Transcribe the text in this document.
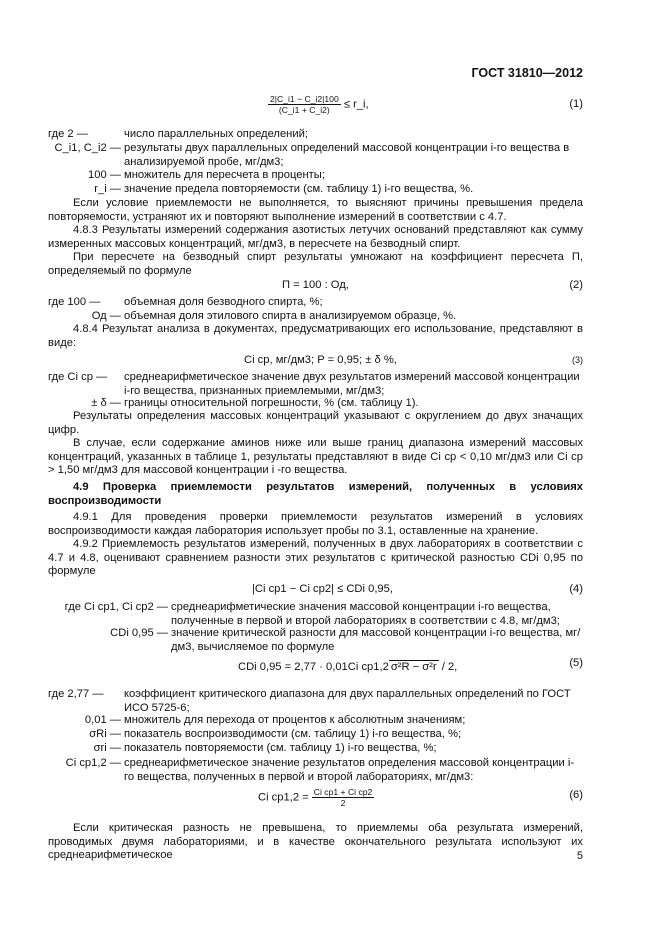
ГОСТ 31810—2012
$\frac{2|C\_i1 - C\_i2|100}{(C\_i1 + C\_i2)}$ ≤ r_i,	(1)
где 2 —	число параллельных определений;
C_i1, C_i2 — результаты двух параллельных определений массовой концентрации i-го вещества в анализируемой пробе, мг/дм3;
100 — множитель для пересчета в проценты;
r_i — значение предела повторяемости (см. таблицу 1) i-го вещества, %.
Если условие приемлемости не выполняется, то выясняют причины превышения предела повторяемости, устраняют их и повторяют выполнение измерений в соответствии с 4.7.
4.8.3 Результаты измерений содержания азотистых летучих оснований представляют как сумму измеренных массовых концентраций, мг/дм3, в пересчете на безводный спирт.
При пересчете на безводный спирт результаты умножают на коэффициент пересчета П, определяемый по формуле
П = 100 : Од,	(2)
где 100 —	объемная доля безводного спирта, %;
Од — объемная доля этилового спирта в анализируемом образце, %.
4.8.4 Результат анализа в документах, предусматривающих его использование, представляют в виде:
Ci ср, мг/дм3; P = 0,95; ± δ %,	(3)
где Ci ср —	среднеарифметическое значение двух результатов измерений массовой концентрации i-го вещества, признанных приемлемыми, мг/дм3;
± δ — границы относительной погрешности, % (см. таблицу 1).
Результаты определения массовых концентраций указывают с округлением до двух значащих цифр.
В случае, если содержание аминов ниже или выше границ диапазона измерений массовых концентраций, указанных в таблице 1, результаты представляют в виде Ci ср < 0,10 мг/дм3 или Ci ср > 1,50 мг/дм3 для массовой концентрации i -го вещества.
4.9 Проверка приемлемости результатов измерений, полученных в условиях воспроизводимости
4.9.1 Для проведения проверки приемлемости результатов измерений в условиях воспроизводимости каждая лаборатория использует пробы по 3.1, оставленные на хранение.
4.9.2 Приемлемость результатов измерений, полученных в двух лабораториях в соответствии с 4.7 и 4.8, оценивают сравнением разности этих результатов с критической разностью CDi 0,95 по формуле
|Ci ср1 − Ci ср2| ≤ CDi 0,95,	(4)
где Ci ср1, Ci ср2 — среднеарифметические значения массовой концентрации i-го вещества, полученные в первой и второй лабораториях в соответствии с 4.8, мг/дм3;
CDi 0,95 — значение критической разности для массовой концентрации i-го вещества, мг/дм3, вычисляемое по формуле
CDi 0,95 = 2,77 · 0,01Ci ср1,2 σ²R − σ²r / 2,	(5)
где 2,77 —	коэффициент критического диапазона для двух параллельных определений по ГОСТ ИСО 5725-6;
0,01 — множитель для перехода от процентов к абсолютным значениям;
σRi — показатель воспроизводимости (см. таблицу 1) i-го вещества, %;
σri — показатель повторяемости (см. таблицу 1) i-го вещества, %;
Ci ср1,2 — среднеарифметическое значение результатов определения массовой концентрации i-го вещества, полученных в первой и второй лабораториях, мг/дм3:
Ci $ср1,2 = \frac{\text{Ci ср1 + Ci ср2}}{2}$	(6)
Если критическая разность не превышена, то приемлемы оба результата измерений, проводимых двумя лабораториями, и в качестве окончательного результата используют их среднеарифметическое	5
